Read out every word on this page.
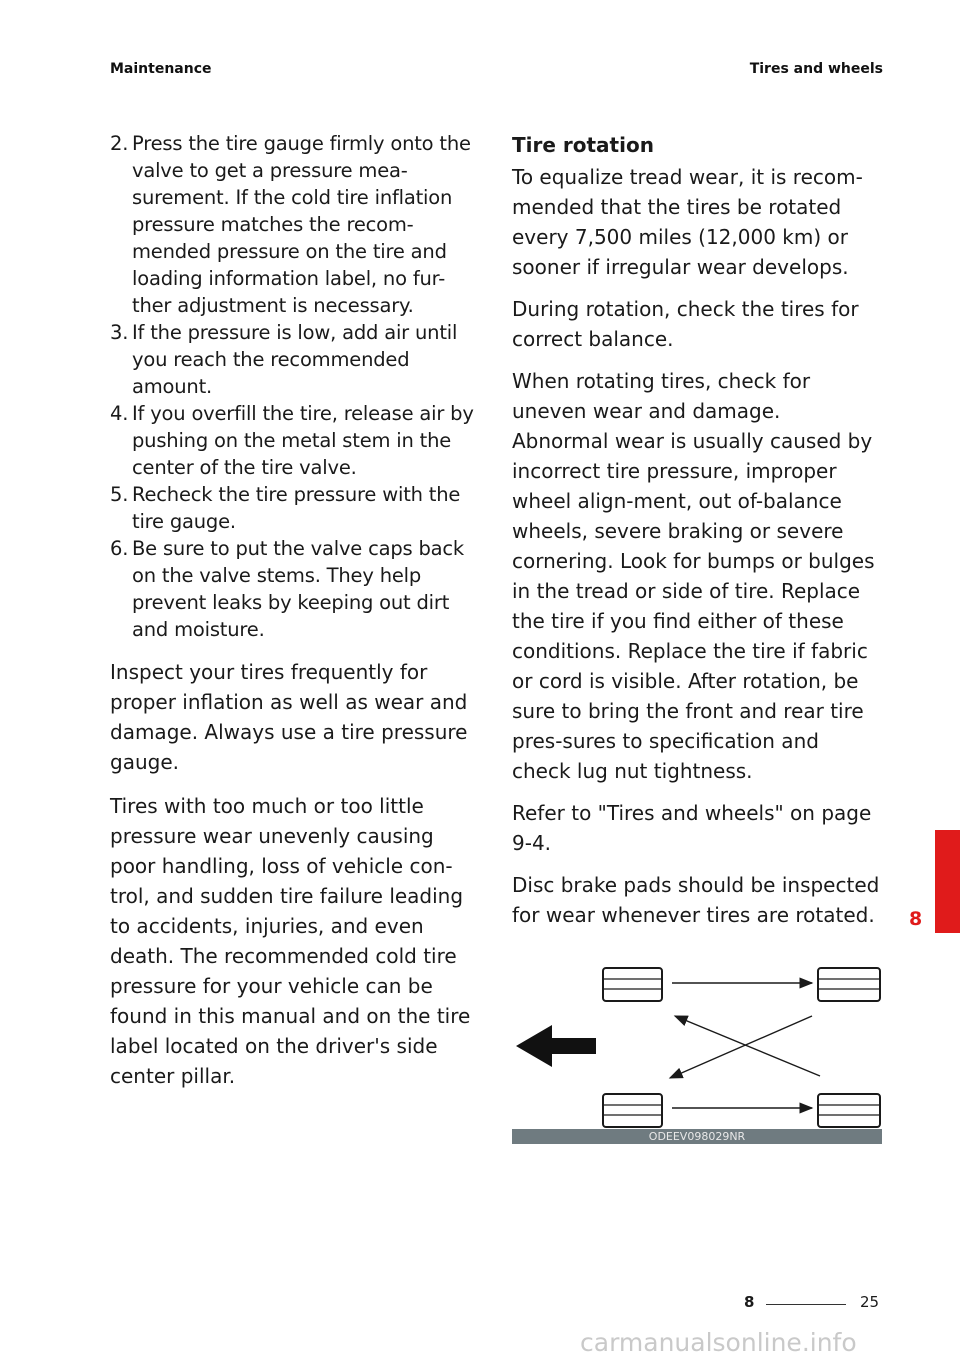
Maintenance	Tires and wheels
2. Press the tire gauge firmly onto the valve to get a pressure mea-surement. If the cold tire inflation pressure matches the recom-mended pressure on the tire and loading information label, no fur-ther adjustment is necessary.
3. If the pressure is low, add air until you reach the recommended amount.
4. If you overfill the tire, release air by pushing on the metal stem in the center of the tire valve.
5. Recheck the tire pressure with the tire gauge.
6. Be sure to put the valve caps back on the valve stems. They help prevent leaks by keeping out dirt and moisture.

Inspect your tires frequently for proper inflation as well as wear and damage. Always use a tire pressure gauge.

Tires with too much or too little pressure wear unevenly causing poor handling, loss of vehicle con-trol, and sudden tire failure leading to accidents, injuries, and even death. The recommended cold tire pressure for your vehicle can be found in this manual and on the tire label located on the driver's side center pillar.

Tire rotation

To equalize tread wear, it is recom-mended that the tires be rotated every 7,500 miles (12,000 km) or sooner if irregular wear develops.

During rotation, check the tires for correct balance.

When rotating tires, check for uneven wear and damage. Abnormal wear is usually caused by incorrect tire pressure, improper wheel align-ment, out of-balance wheels, severe braking or severe cornering. Look for bumps or bulges in the tread or side of tire. Replace the tire if you find either of these conditions. Replace the tire if fabric or cord is visible. After rotation, be sure to bring the front and rear tire pres-sures to specification and check lug nut tightness.

Refer to "Tires and wheels" on page 9-4.

Disc brake pads should be inspected for wear whenever tires are rotated.

ODEEV098029NR
8
8	25
carmanualsonline.info
